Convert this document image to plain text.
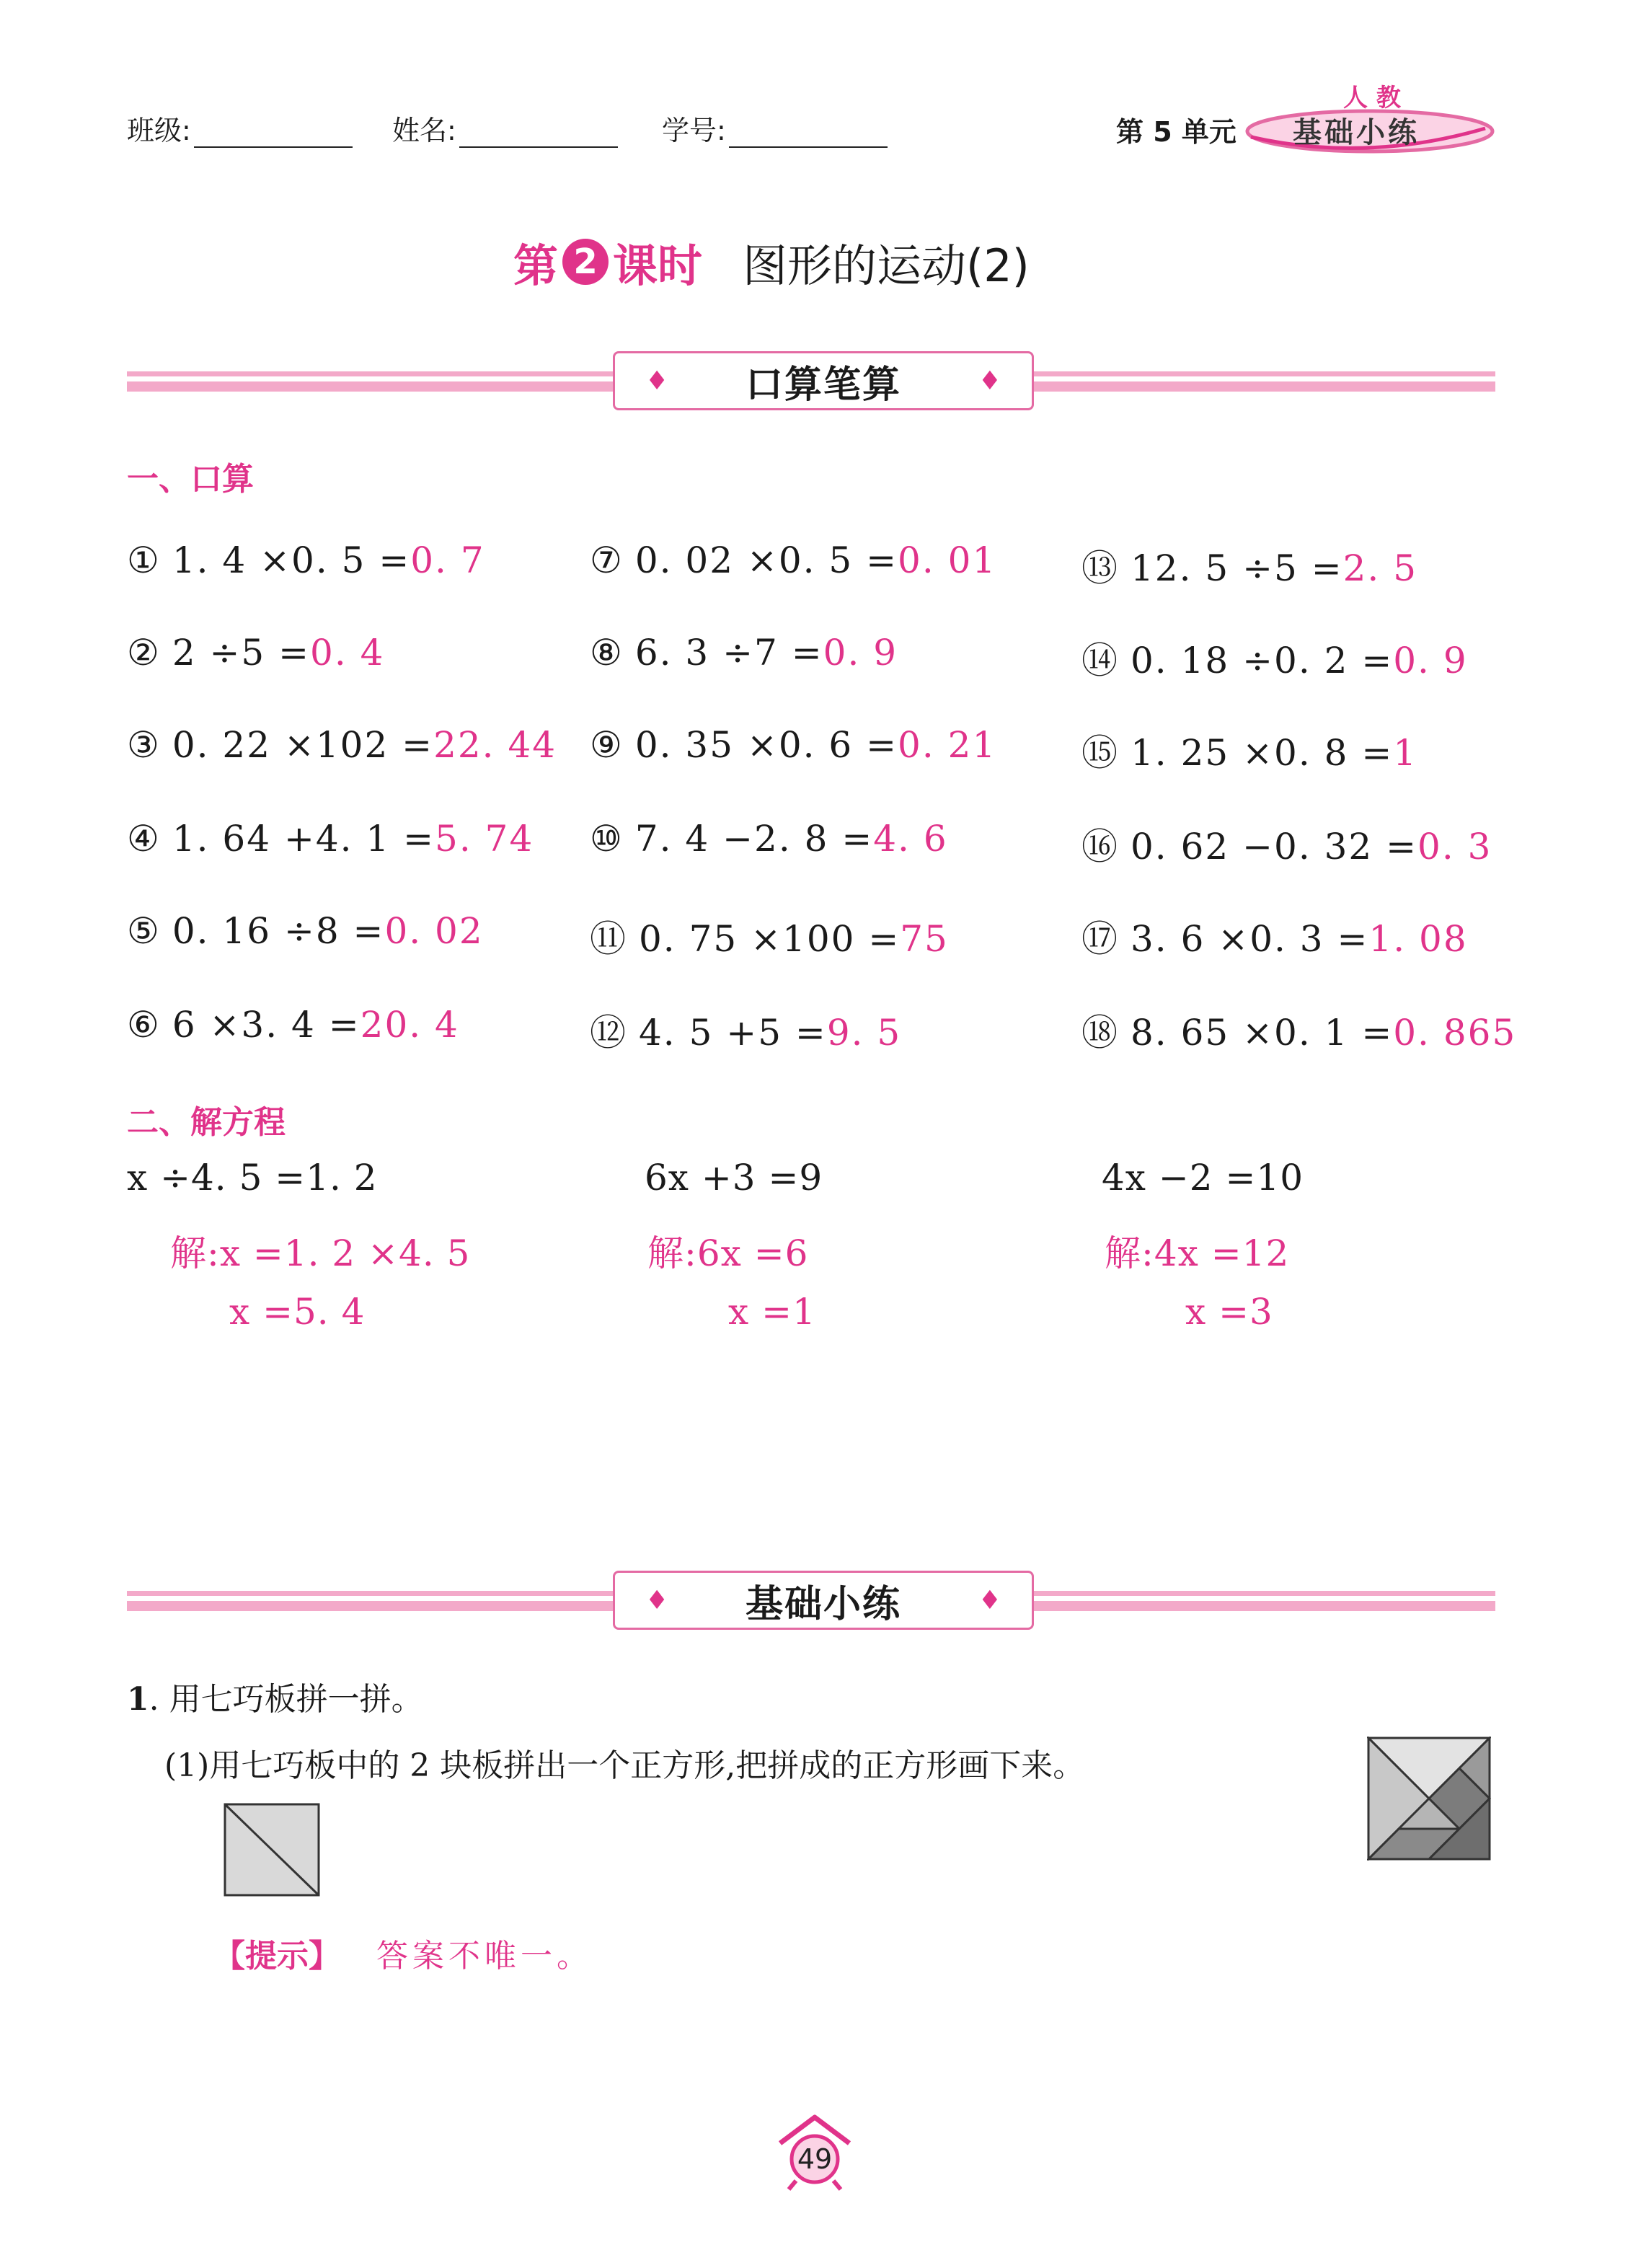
班级:	姓名:	学号:	第 5 单元
人 教
基础小练
第 2 课时 图形的运动(2)
♦ 口算笔算	♦
一、口算
① 1. 4 ×0. 5 =0. 7
② 2 ÷5 =0. 4
③ 0. 22 ×102 =22. 44
④ 1. 64 +4. 1 =5. 74
⑤ 0. 16 ÷8 =0. 02
⑥ 6 ×3. 4 =20. 4
⑦ 0. 02 ×0. 5 =0. 01
⑧ 6. 3 ÷7 =0. 9
⑨ 0. 35 ×0. 6 =0. 21
⑩ 7. 4 −2. 8 =4. 6
⑪ 0. 75 ×100 =75
⑫ 4. 5 +5 =9. 5
⑬ 12. 5 ÷5 =2. 5
⑭ 0. 18 ÷0. 2 =0. 9
⑮ 1. 25 ×0. 8 =1
⑯ 0. 62 −0. 32 =0. 3
⑰ 3. 6 ×0. 3 =1. 08
⑱ 8. 65 ×0. 1 =0. 865
二、解方程
x ÷4. 5 =1. 2
解:x =1. 2 ×4. 5
x =5. 4
6x +3 =9
解:6x =6
x =1
4x −2 =10
解:4x =12
x =3
♦ 基础小练	♦
1. 用七巧板拼一拼。
(1)用七巧板中的 2 块板拼出一个正方形,把拼成的正方形画下来。
【提示】 答案不唯一。
49
